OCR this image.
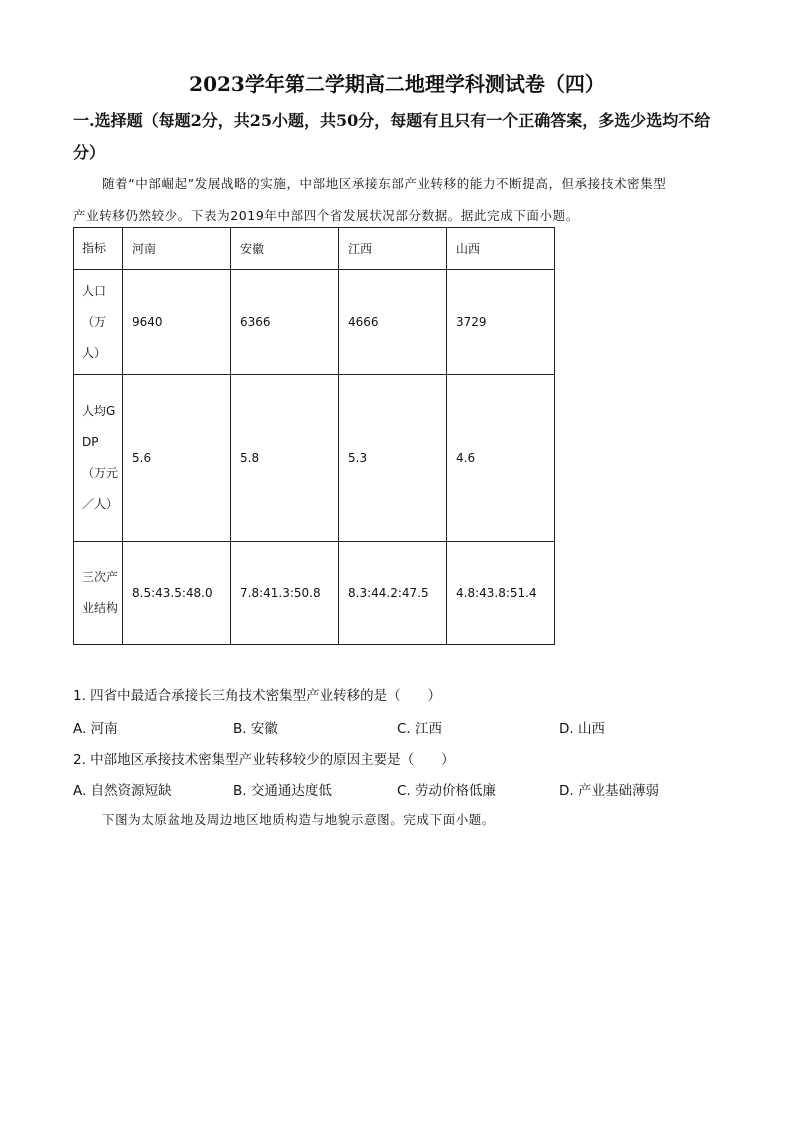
2023学年第二学期高二地理学科测试卷（四）
一.选择题（每题2分，共25小题，共50分，每题有且只有一个正确答案，多选少选均不给
分）
随着“中部崛起”发展战略的实施，中部地区承接东部产业转移的能力不断提高，但承接技术密集型
产业转移仍然较少。下表为2019年中部四个省发展状况部分数据。据此完成下面小题。
指标	河南	安徽	江西	山西
人口（万人）	9640	6366	4666	3729
人均GDP（万元／人）	5.6	5.8	5.3	4.6
三次产业结构	8.5:43.5:48.0	7.8:41.3:50.8	8.3:44.2:47.5	4.8:43.8:51.4
1. 四省中最适合承接长三角技术密集型产业转移的是（　　）
A. 河南	B. 安徽	C. 江西	D. 山西
2. 中部地区承接技术密集型产业转移较少的原因主要是（　　）
A. 自然资源短缺	B. 交通通达度低	C. 劳动价格低廉	D. 产业基础薄弱
下图为太原盆地及周边地区地质构造与地貌示意图。完成下面小题。
